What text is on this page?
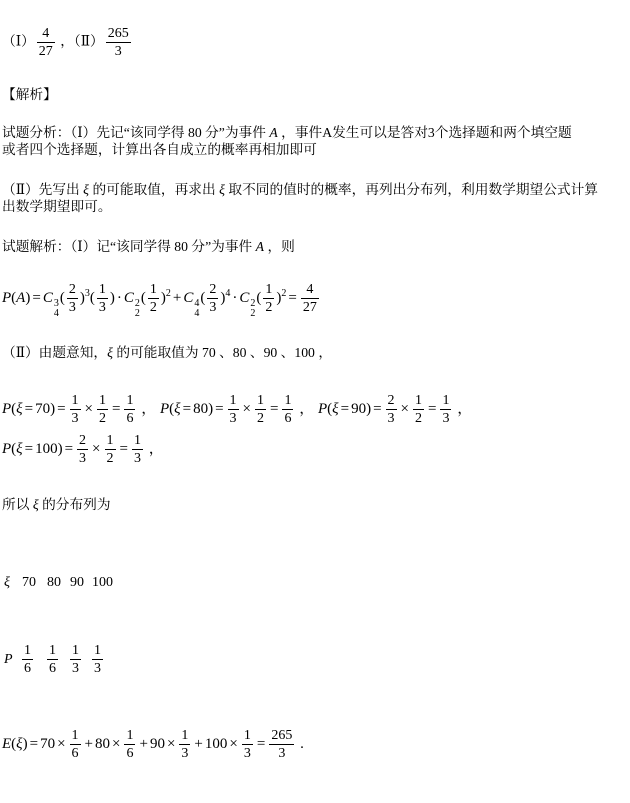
（Ⅰ） $\frac{4}{27}$ ，（Ⅱ） $\frac{265}{3}$
【解析】
试题分析：（Ⅰ）先记“该同学得 80 分”为事件 A ，事件A发生可以是答对3个选择题和两个填空题
或者四个选择题，计算出各自成立的概率再相加即可
（Ⅱ）先写出 ξ 的可能取值，再求出 ξ 取不同的值时的概率，再列出分布列，利用数学期望公式计算
出数学期望即可。
试题解析：（Ⅰ）记“该同学得 80 分”为事件 A ，则
P(A) = C 3
4
( $\frac{2}{3} )^3( \frac{1}{3}$ ) · C 2
2
( $\frac{1}{2} )^2 + C$ 4
4
( $\frac{2}{3} )^4 \cdot C$ 2
2
( $\frac{1}{2} )^2 = \frac{4}{27}$
（Ⅱ）由题意知，ξ 的可能取值为 70 、80 、90 、100 ，
$P(\xi = 70) = \frac{1}{3} \times \frac{1}{2} = \frac{1}{6}$ ， $P(\xi = 80) = \frac{1}{3} \times \frac{1}{2} = \frac{1}{6}$ ， $P(\xi = 90) = \frac{2}{3} \times \frac{1}{2} = \frac{1}{3}$ ，
$P(\xi = 100) = \frac{2}{3} \times \frac{1}{2} = \frac{1}{3}$ ，
所以 ξ 的分布列为
ξ 70 80 90 100
P $\frac{1}{6} \frac{1}{6} \frac{1}{3} \frac{1}{3}$
$E(\xi) = 70 \times \frac{1}{6} + 80 \times \frac{1}{6} + 90 \times \frac{1}{3} + 100 \times \frac{1}{3} = \frac{265}{3}$ .
